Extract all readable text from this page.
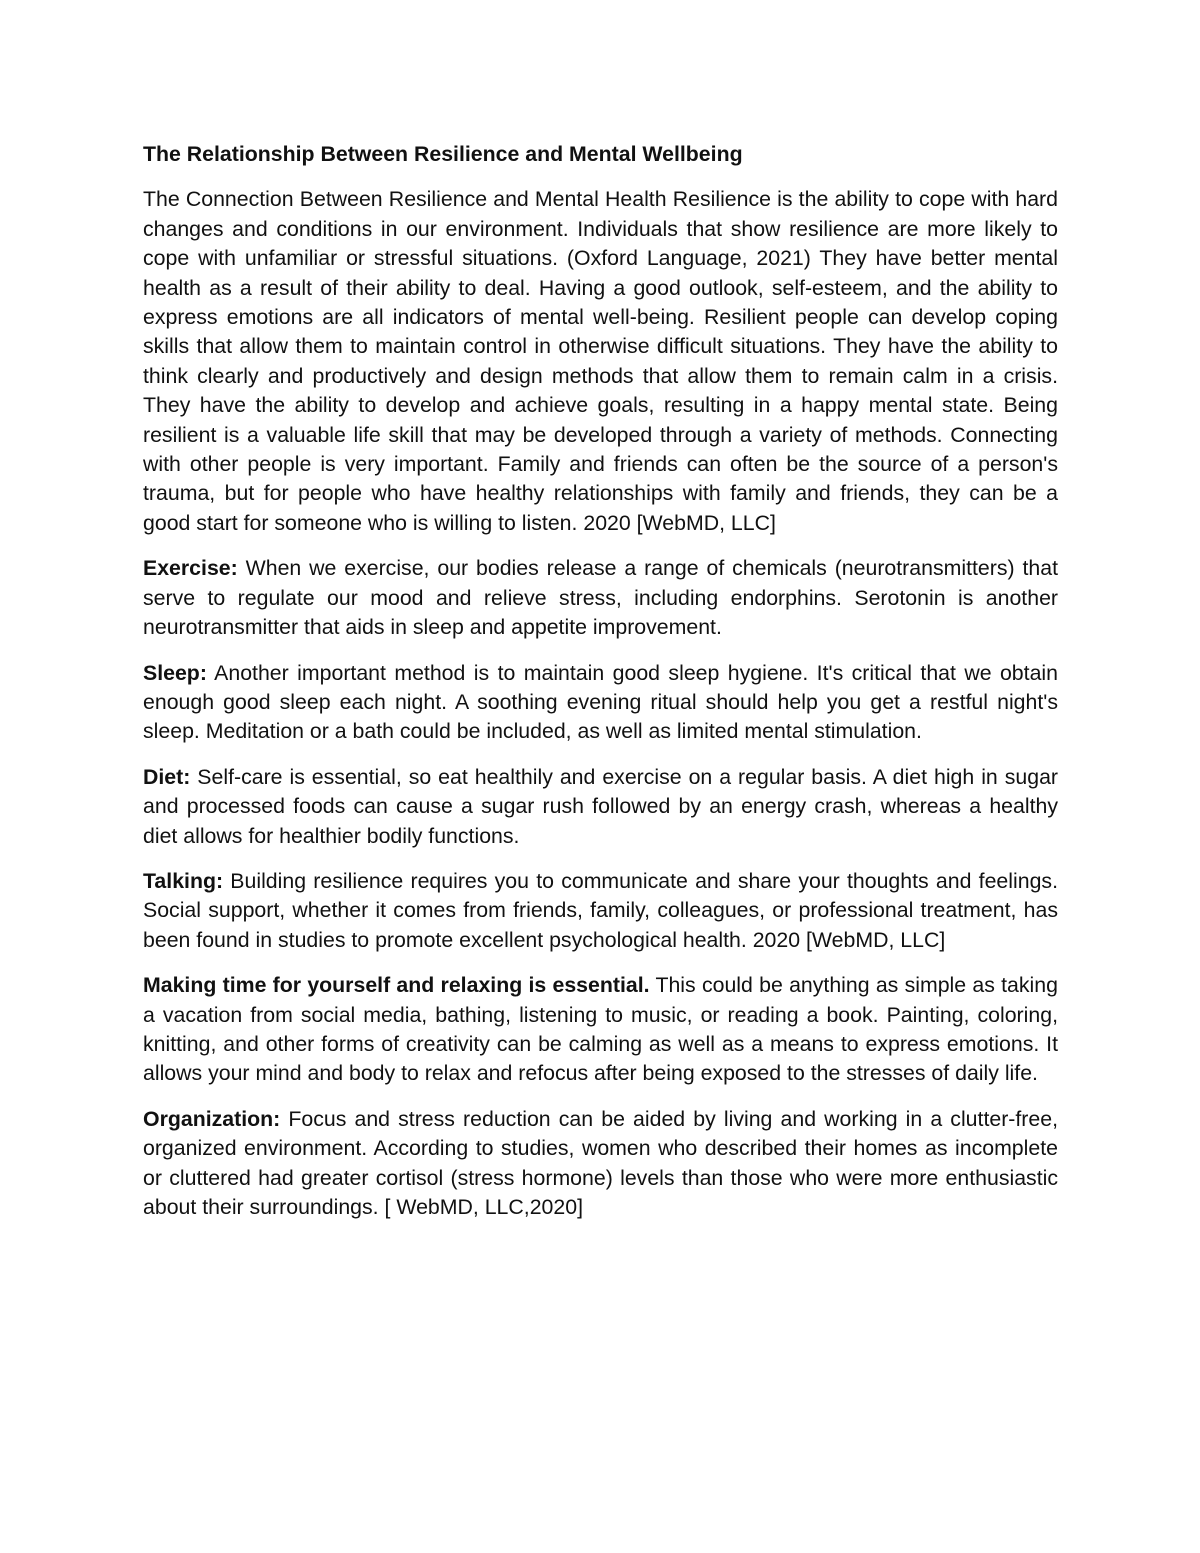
The Relationship Between Resilience and Mental Wellbeing

The Connection Between Resilience and Mental Health Resilience is the ability to cope with hard changes and conditions in our environment. Individuals that show resilience are more likely to cope with unfamiliar or stressful situations. (Oxford Language, 2021) They have better mental health as a result of their ability to deal. Having a good outlook, self-esteem, and the ability to express emotions are all indicators of mental well-being. Resilient people can develop coping skills that allow them to maintain control in otherwise difficult situations. They have the ability to think clearly and productively and design methods that allow them to remain calm in a crisis. They have the ability to develop and achieve goals, resulting in a happy mental state. Being resilient is a valuable life skill that may be developed through a variety of methods. Connecting with other people is very important. Family and friends can often be the source of a person's trauma, but for people who have healthy relationships with family and friends, they can be a good start for someone who is willing to listen. 2020 [WebMD, LLC]

Exercise: When we exercise, our bodies release a range of chemicals (neurotransmitters) that serve to regulate our mood and relieve stress, including endorphins. Serotonin is another neurotransmitter that aids in sleep and appetite improvement.

Sleep: Another important method is to maintain good sleep hygiene. It's critical that we obtain enough good sleep each night. A soothing evening ritual should help you get a restful night's sleep. Meditation or a bath could be included, as well as limited mental stimulation.

Diet: Self-care is essential, so eat healthily and exercise on a regular basis. A diet high in sugar and processed foods can cause a sugar rush followed by an energy crash, whereas a healthy diet allows for healthier bodily functions.

Talking: Building resilience requires you to communicate and share your thoughts and feelings. Social support, whether it comes from friends, family, colleagues, or professional treatment, has been found in studies to promote excellent psychological health. 2020 [WebMD, LLC]

Making time for yourself and relaxing is essential. This could be anything as simple as taking a vacation from social media, bathing, listening to music, or reading a book. Painting, coloring, knitting, and other forms of creativity can be calming as well as a means to express emotions. It allows your mind and body to relax and refocus after being exposed to the stresses of daily life.

Organization: Focus and stress reduction can be aided by living and working in a clutter-free, organized environment. According to studies, women who described their homes as incomplete or cluttered had greater cortisol (stress hormone) levels than those who were more enthusiastic about their surroundings. [ WebMD, LLC,2020]
